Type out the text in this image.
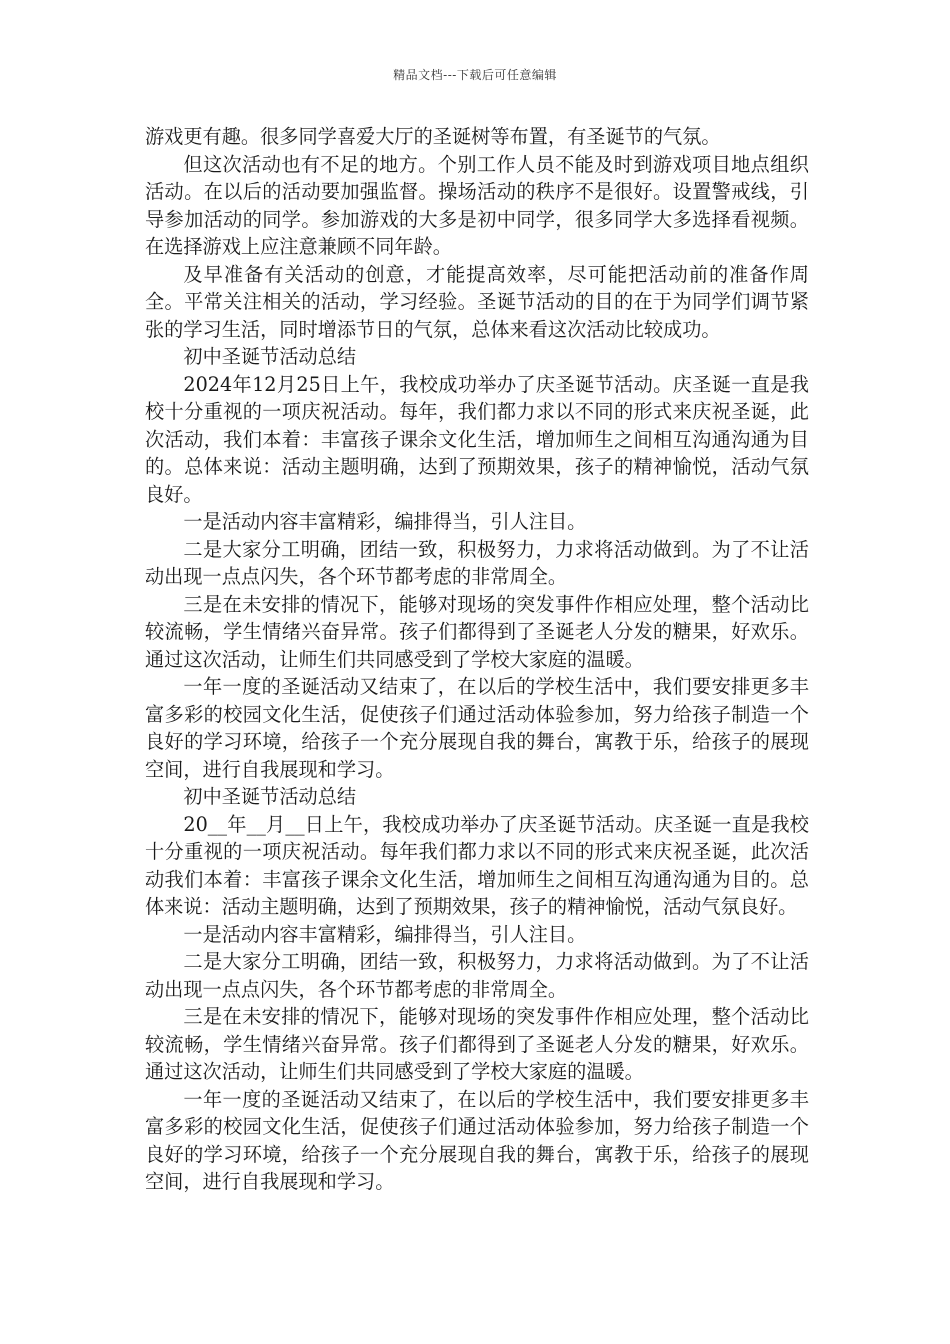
精品文档---下载后可任意编辑

游戏更有趣。很多同学喜爱大厅的圣诞树等布置，有圣诞节的气氛。

但这次活动也有不足的地方。个别工作人员不能及时到游戏项目地点组织活动。在以后的活动要加强监督。操场活动的秩序不是很好。设置警戒线，引导参加活动的同学。参加游戏的大多是初中同学，很多同学大多选择看视频。在选择游戏上应注意兼顾不同年龄。

及早准备有关活动的创意，才能提高效率，尽可能把活动前的准备作周全。平常关注相关的活动，学习经验。圣诞节活动的目的在于为同学们调节紧张的学习生活，同时增添节日的气氛，总体来看这次活动比较成功。

初中圣诞节活动总结

2024年12月25日上午，我校成功举办了庆圣诞节活动。庆圣诞一直是我校十分重视的一项庆祝活动。每年，我们都力求以不同的形式来庆祝圣诞，此次活动，我们本着：丰富孩子课余文化生活，增加师生之间相互沟通沟通为目的。总体来说：活动主题明确，达到了预期效果，孩子的精神愉悦，活动气氛良好。

一是活动内容丰富精彩，编排得当，引人注目。

二是大家分工明确，团结一致，积极努力，力求将活动做到。为了不让活动出现一点点闪失，各个环节都考虑的非常周全。

三是在未安排的情况下，能够对现场的突发事件作相应处理，整个活动比较流畅，学生情绪兴奋异常。孩子们都得到了圣诞老人分发的糖果，好欢乐。通过这次活动，让师生们共同感受到了学校大家庭的温暖。

一年一度的圣诞活动又结束了，在以后的学校生活中，我们要安排更多丰富多彩的校园文化生活，促使孩子们通过活动体验参加，努力给孩子制造一个良好的学习环境，给孩子一个充分展现自我的舞台，寓教于乐，给孩子的展现空间，进行自我展现和学习。

初中圣诞节活动总结

20__年__月__日上午，我校成功举办了庆圣诞节活动。庆圣诞一直是我校十分重视的一项庆祝活动。每年我们都力求以不同的形式来庆祝圣诞，此次活动我们本着：丰富孩子课余文化生活，增加师生之间相互沟通沟通为目的。总体来说：活动主题明确，达到了预期效果，孩子的精神愉悦，活动气氛良好。

一是活动内容丰富精彩，编排得当，引人注目。

二是大家分工明确，团结一致，积极努力，力求将活动做到。为了不让活动出现一点点闪失，各个环节都考虑的非常周全。

三是在未安排的情况下，能够对现场的突发事件作相应处理，整个活动比较流畅，学生情绪兴奋异常。孩子们都得到了圣诞老人分发的糖果，好欢乐。通过这次活动，让师生们共同感受到了学校大家庭的温暖。

一年一度的圣诞活动又结束了，在以后的学校生活中，我们要安排更多丰富多彩的校园文化生活，促使孩子们通过活动体验参加，努力给孩子制造一个良好的学习环境，给孩子一个充分展现自我的舞台，寓教于乐，给孩子的展现空间，进行自我展现和学习。
